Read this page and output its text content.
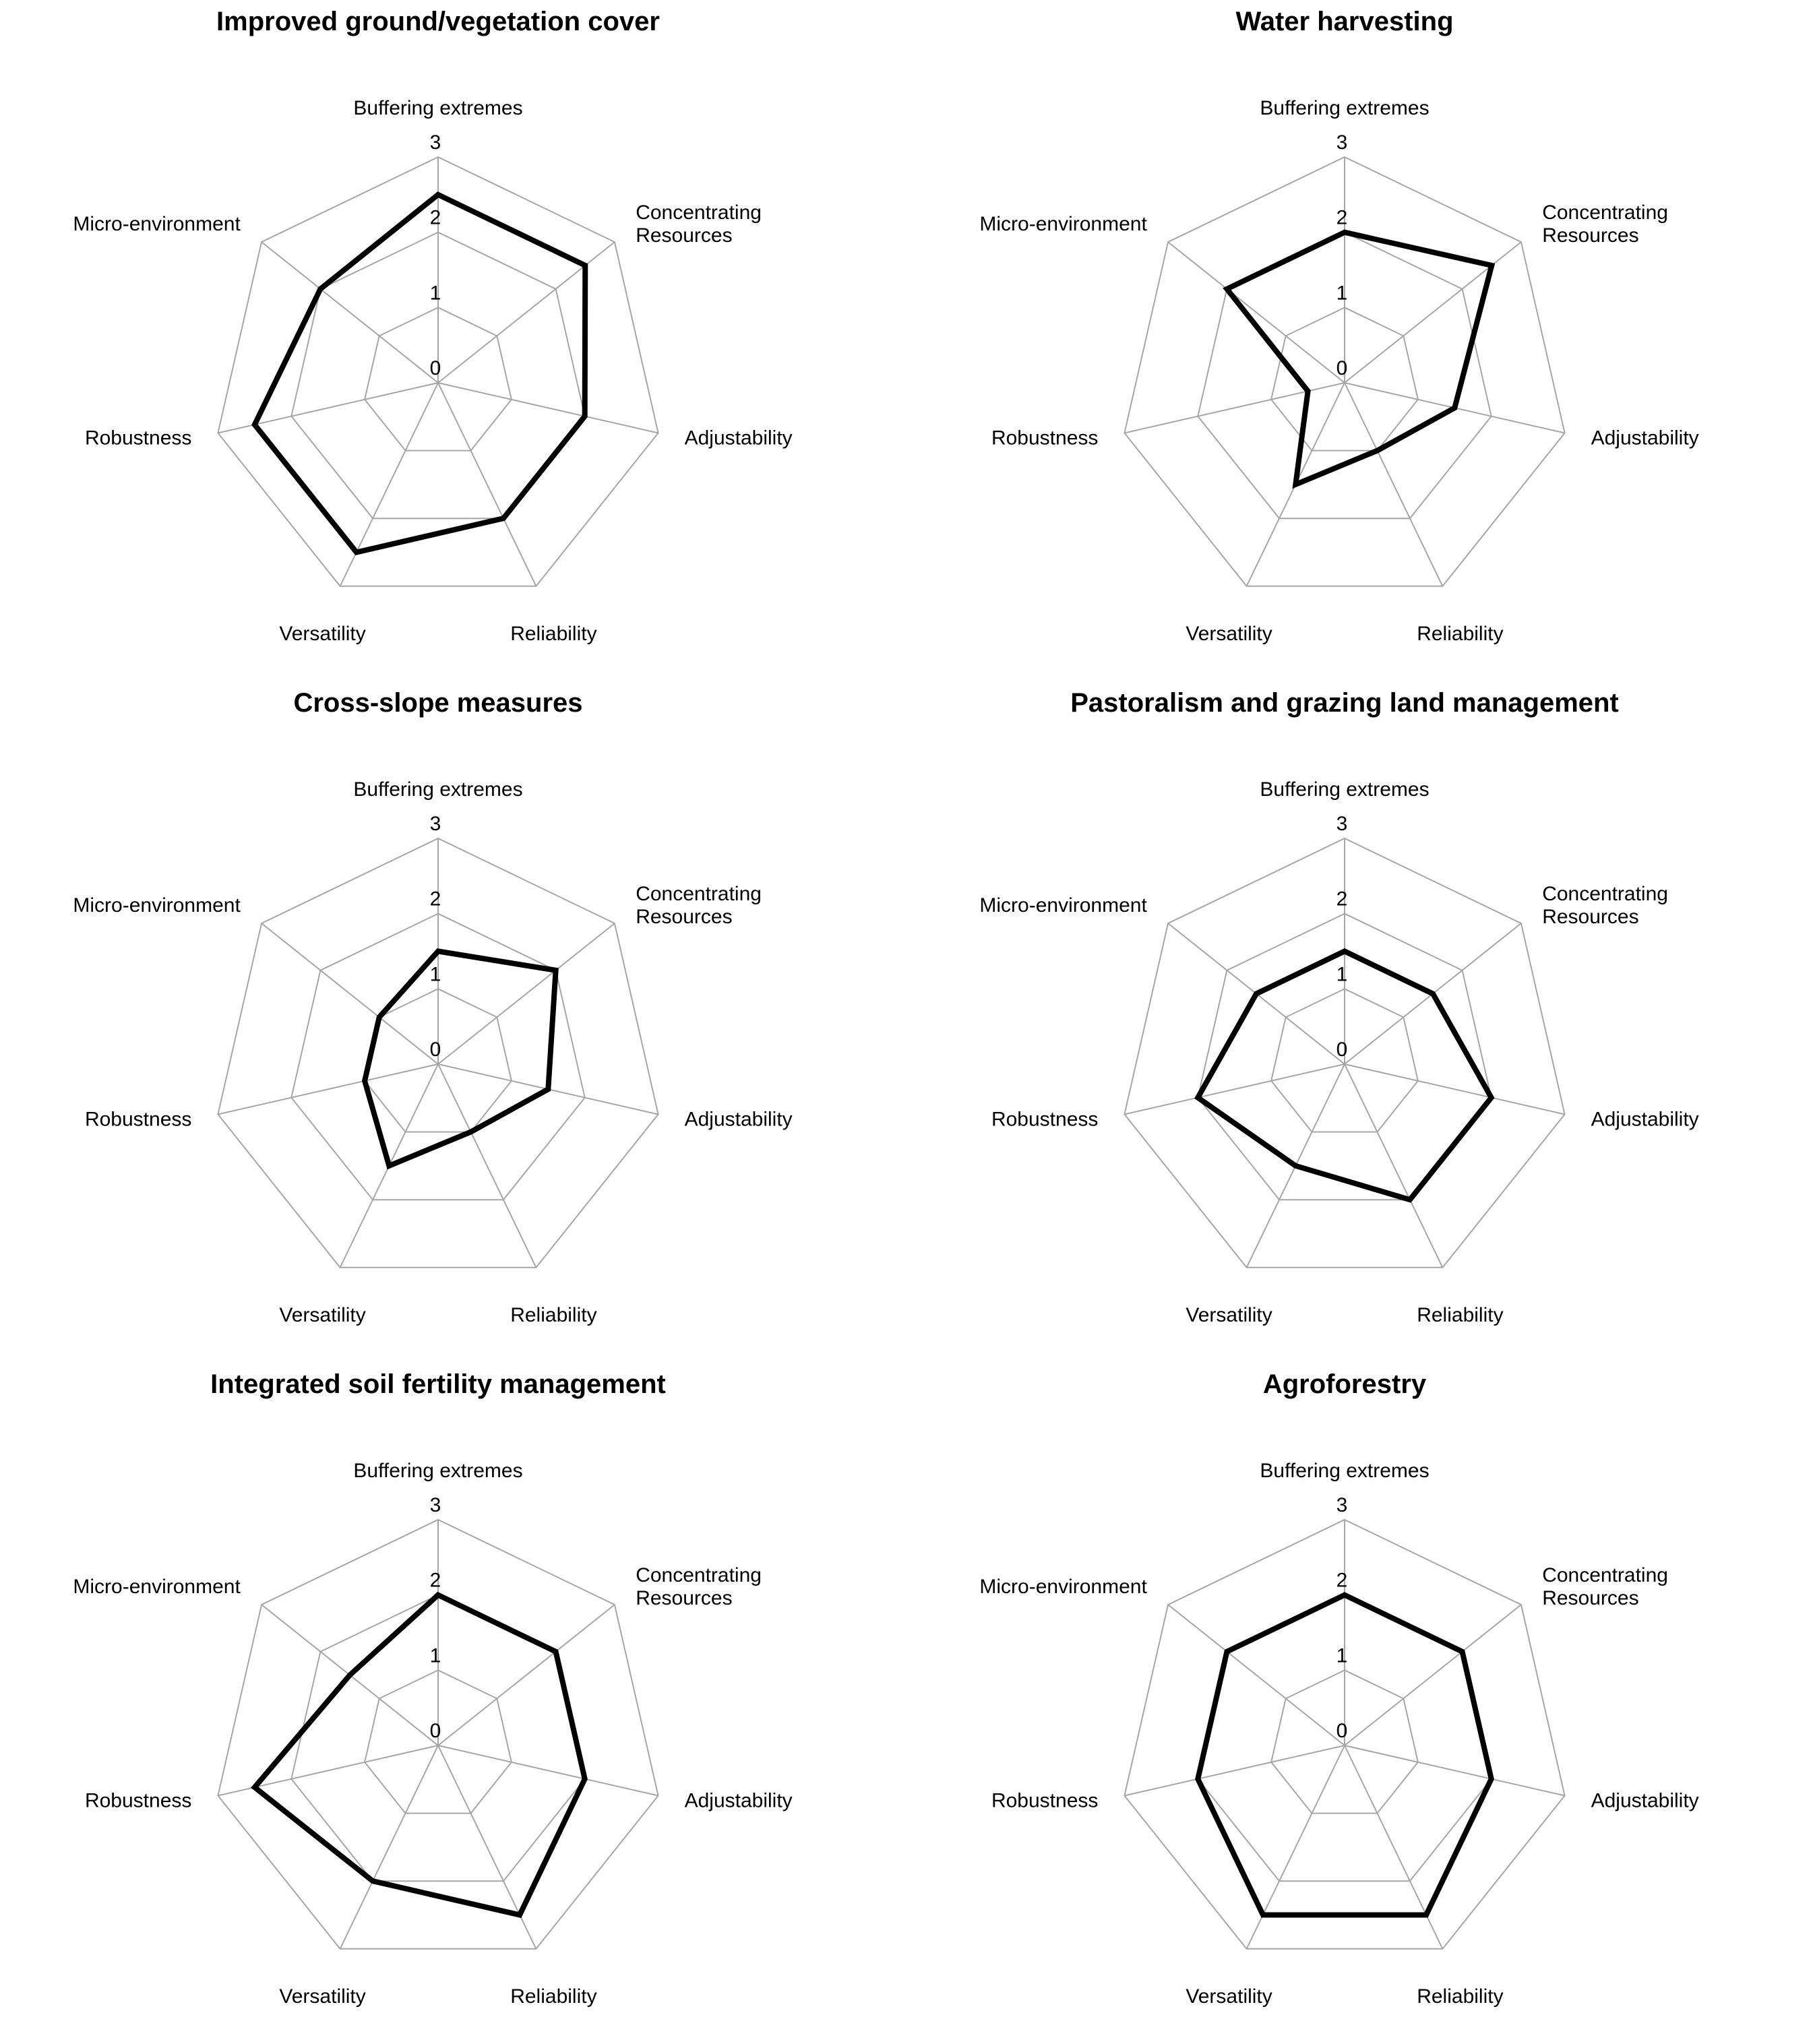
Improved ground/vegetation cover
3
2
1
0
Buffering extremes
Concentrating Resources
Adjustability
Reliability
Versatility
Robustness
Micro-environment
Water harvesting
3
2
1
0
Buffering extremes
Concentrating Resources
Adjustability
Reliability
Versatility
Robustness
Micro-environment
Cross-slope measures
3
2
1
0
Buffering extremes
Concentrating Resources
Adjustability
Reliability
Versatility
Robustness
Micro-environment
Pastoralism and grazing land management
3
2
1
0
Buffering extremes
Concentrating Resources
Adjustability
Reliability
Versatility
Robustness
Micro-environment
Integrated soil fertility management
3
2
1
0
Buffering extremes
Concentrating Resources
Adjustability
Reliability
Versatility
Robustness
Micro-environment
Agroforestry
3
2
1
0
Buffering extremes
Concentrating Resources
Adjustability
Reliability
Versatility
Robustness
Micro-environment
